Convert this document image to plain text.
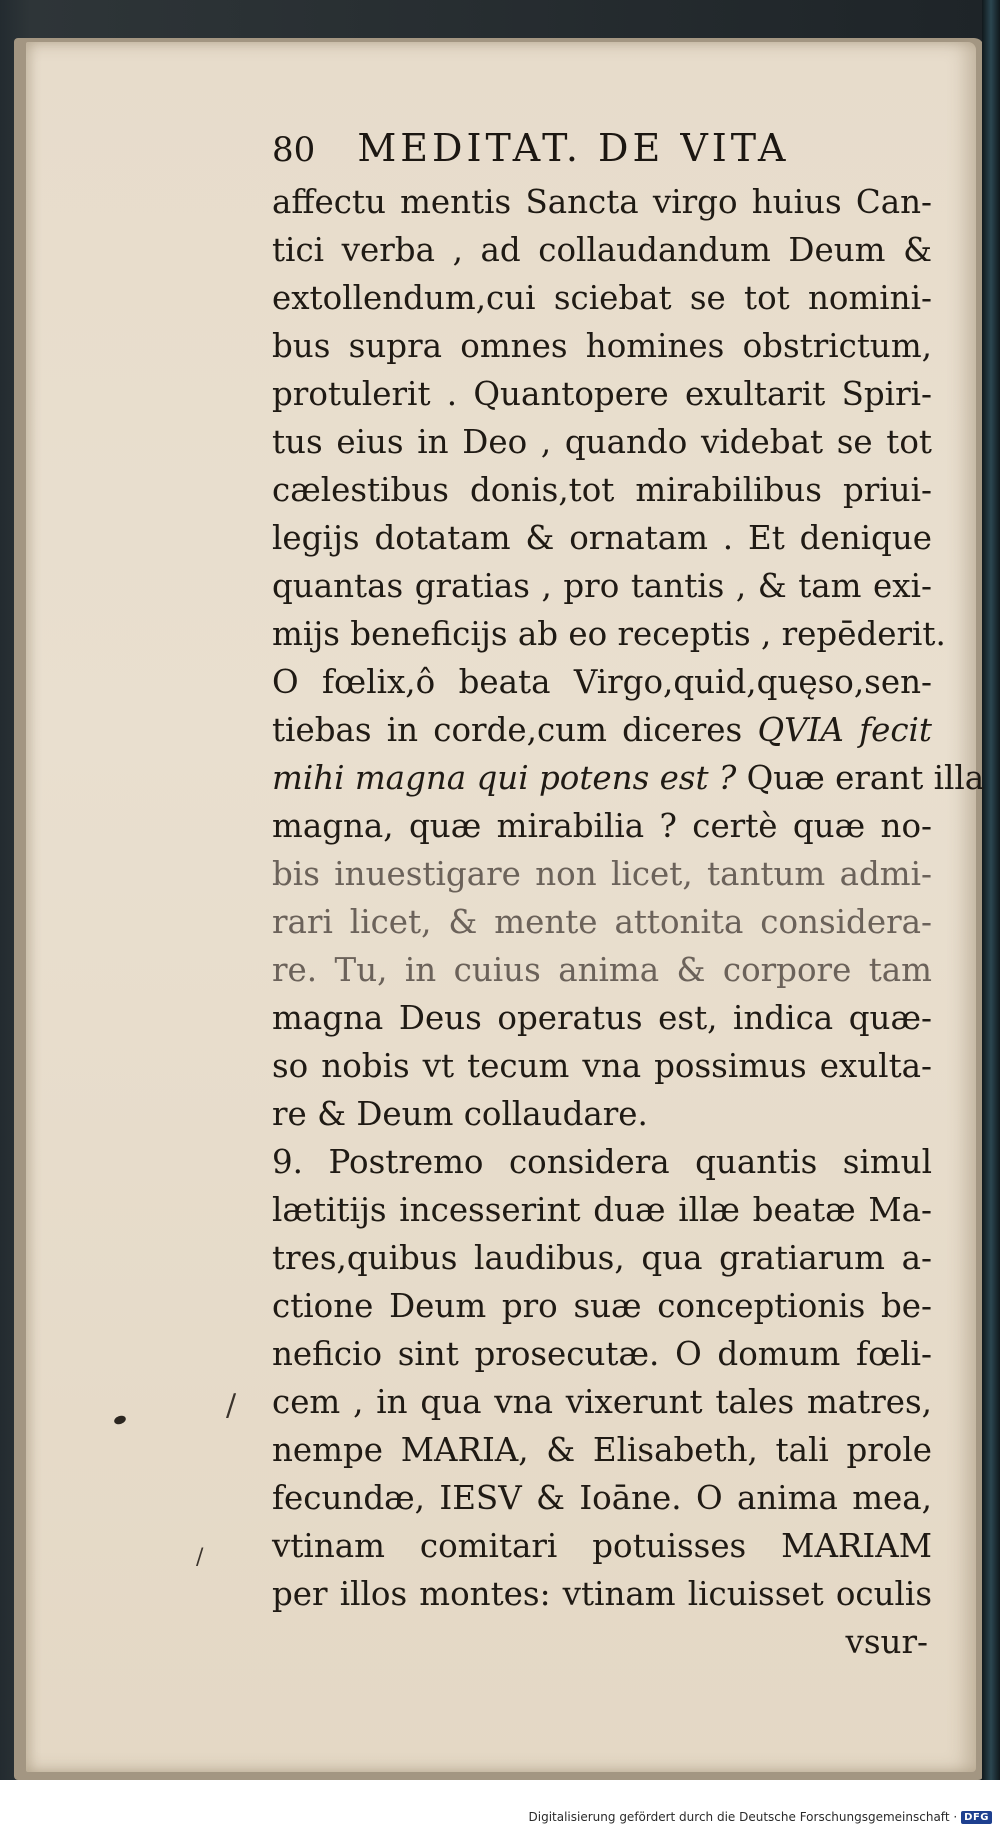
80 MEDITAT. DE VITA
affectu mentis Sancta virgo huius Can-
tici verba , ad collaudandum Deum &
extollendum,cui sciebat se tot nomini-
bus supra omnes homines obstrictum,
protulerit . Quantopere exultarit Spiri-
tus eius in Deo , quando videbat se tot
cælestibus donis,tot mirabilibus priui-
legijs dotatam & ornatam . Et denique
quantas gratias , pro tantis , & tam exi-
mijs beneficijs ab eo receptis , repēderit.
O fœlix,ô beata Virgo,quid,quęso,sen-
tiebas in corde,cum diceres QVIA fecit
mihi magna qui potens est ? Quæ erant illa
magna, quæ mirabilia ? certè quæ no-
bis inuestigare non licet, tantum admi-
rari licet, & mente attonita considera-
re. Tu, in cuius anima & corpore tam
magna Deus operatus est, indica quæ-
so nobis vt tecum vna possimus exulta-
re & Deum collaudare.
9. Postremo considera quantis simul
lætitijs incesserint duæ illæ beatæ Ma-
tres,quibus laudibus, qua gratiarum a-
ctione Deum pro suæ conceptionis be-
neficio sint prosecutæ. O domum fœli-
cem , in qua vna vixerunt tales matres,
nempe MARIA, & Elisabeth, tali prole
fecundæ, IESV & Ioāne. O anima mea,
vtinam comitari potuisses MARIAM
per illos montes: vtinam licuisset oculis
vsur-
/
/
Digitalisierung gefördert durch die Deutsche Forschungsgemeinschaft · DFG
